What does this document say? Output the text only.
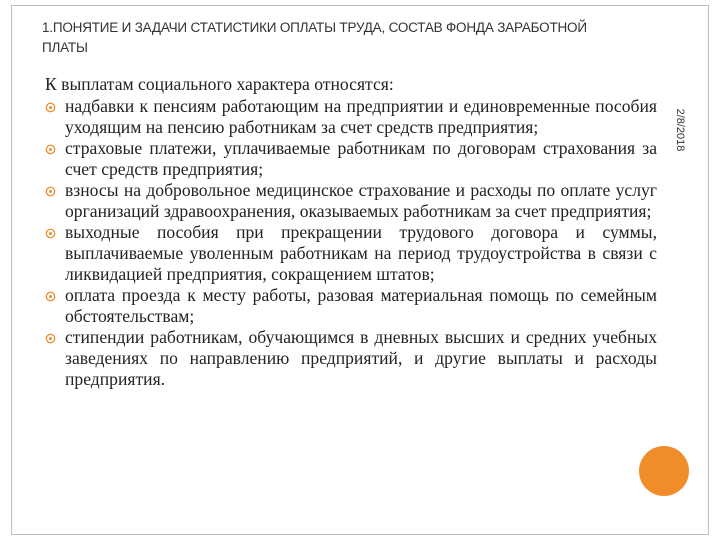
1.ПОНЯТИЕ И ЗАДАЧИ СТАТИСТИКИ ОПЛАТЫ ТРУДА, СОСТАВ ФОНДА ЗАРАБОТНОЙ ПЛАТЫ
2/8/2018

К выплатам социального характера относятся:

надбавки к пенсиям работающим на предприятии и единовременные пособия уходящим на пенсию работникам за счет средств предприятия;
страховые платежи, уплачиваемые работникам по договорам страхования за счет средств предприятия;
взносы на добровольное медицинское страхование и расходы по оплате услуг организаций здравоохранения, оказываемых работникам за счет предприятия;
выходные пособия при прекращении трудового договора и суммы, выплачиваемые уволенным работникам на период трудоустройства в связи с ликвидацией предприятия, сокращением штатов;
оплата проезда к месту работы, разовая материальная помощь по семейным обстоятельствам;
стипендии работникам, обучающимся в дневных высших и средних учебных заведениях по направлению предприятий, и другие выплаты и расходы предприятия.
